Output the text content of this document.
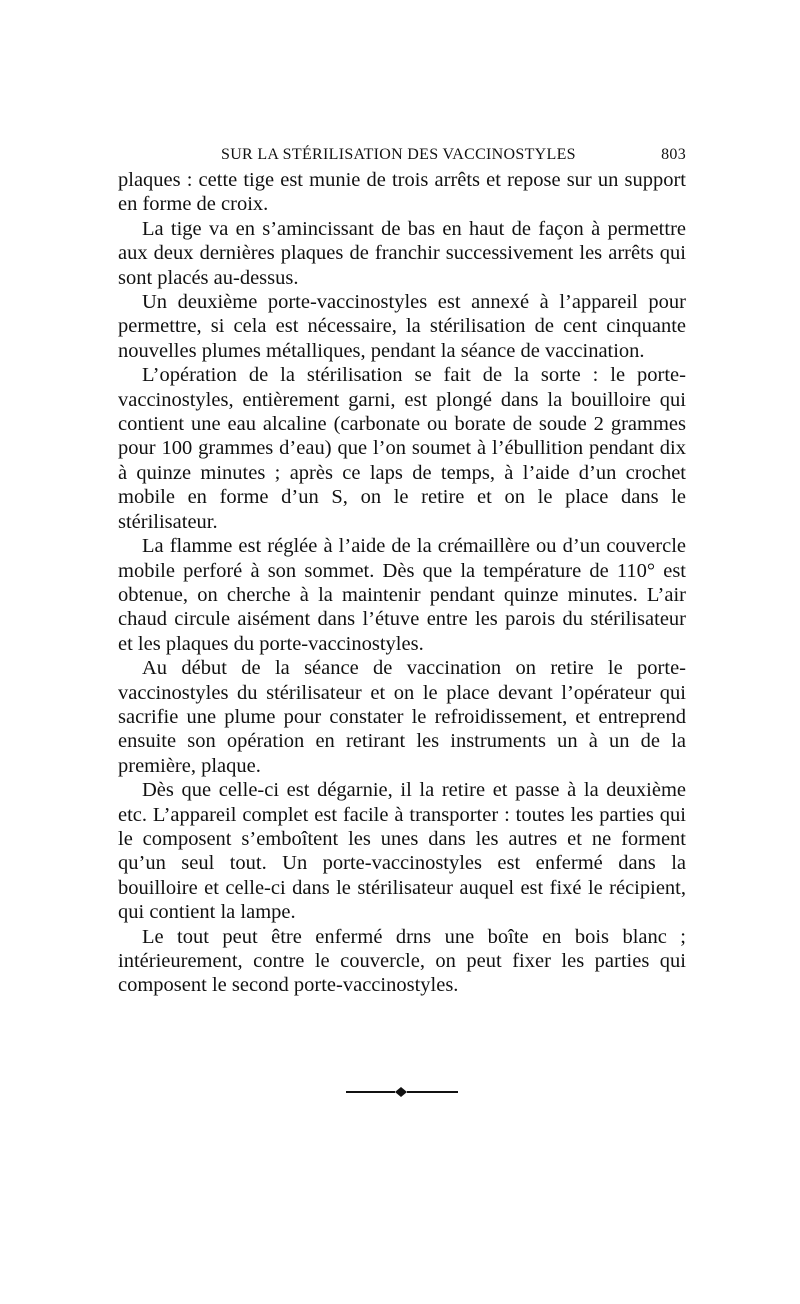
SUR LA STÉRILISATION DES VACCINOSTYLES	803

plaques : cette tige est munie de trois arrêts et repose sur un support en forme de croix.

La tige va en s’amincissant de bas en haut de façon à permettre aux deux dernières plaques de franchir successivement les arrêts qui sont placés au-dessus.

Un deuxième porte-vaccinostyles est annexé à l’appareil pour permettre, si cela est nécessaire, la stérilisation de cent cinquante nouvelles plumes métalliques, pendant la séance de vaccination.

L’opération de la stérilisation se fait de la sorte : le porte-vaccinostyles, entièrement garni, est plongé dans la bouilloire qui contient une eau alcaline (carbonate ou borate de soude 2 grammes pour 100 grammes d’eau) que l’on soumet à l’ébullition pendant dix à quinze minutes ; après ce laps de temps, à l’aide d’un crochet mobile en forme d’un S, on le retire et on le place dans le stérilisateur.

La flamme est réglée à l’aide de la crémaillère ou d’un couvercle mobile perforé à son sommet. Dès que la température de 110° est obtenue, on cherche à la maintenir pendant quinze minutes. L’air chaud circule aisément dans l’étuve entre les parois du stérilisateur et les plaques du porte-vaccinostyles.

Au début de la séance de vaccination on retire le porte-vaccinostyles du stérilisateur et on le place devant l’opérateur qui sacrifie une plume pour constater le refroidissement, et entreprend ensuite son opération en retirant les instruments un à un de la première, plaque.

Dès que celle-ci est dégarnie, il la retire et passe à la deuxième etc. L’appareil complet est facile à transporter : toutes les parties qui le composent s’emboîtent les unes dans les autres et ne forment qu’un seul tout. Un porte-vaccinostyles est enfermé dans la bouilloire et celle-ci dans le stérilisateur auquel est fixé le récipient, qui contient la lampe.

Le tout peut être enfermé drns une boîte en bois blanc ; intérieurement, contre le couvercle, on peut fixer les parties qui composent le second porte-vaccinostyles.
